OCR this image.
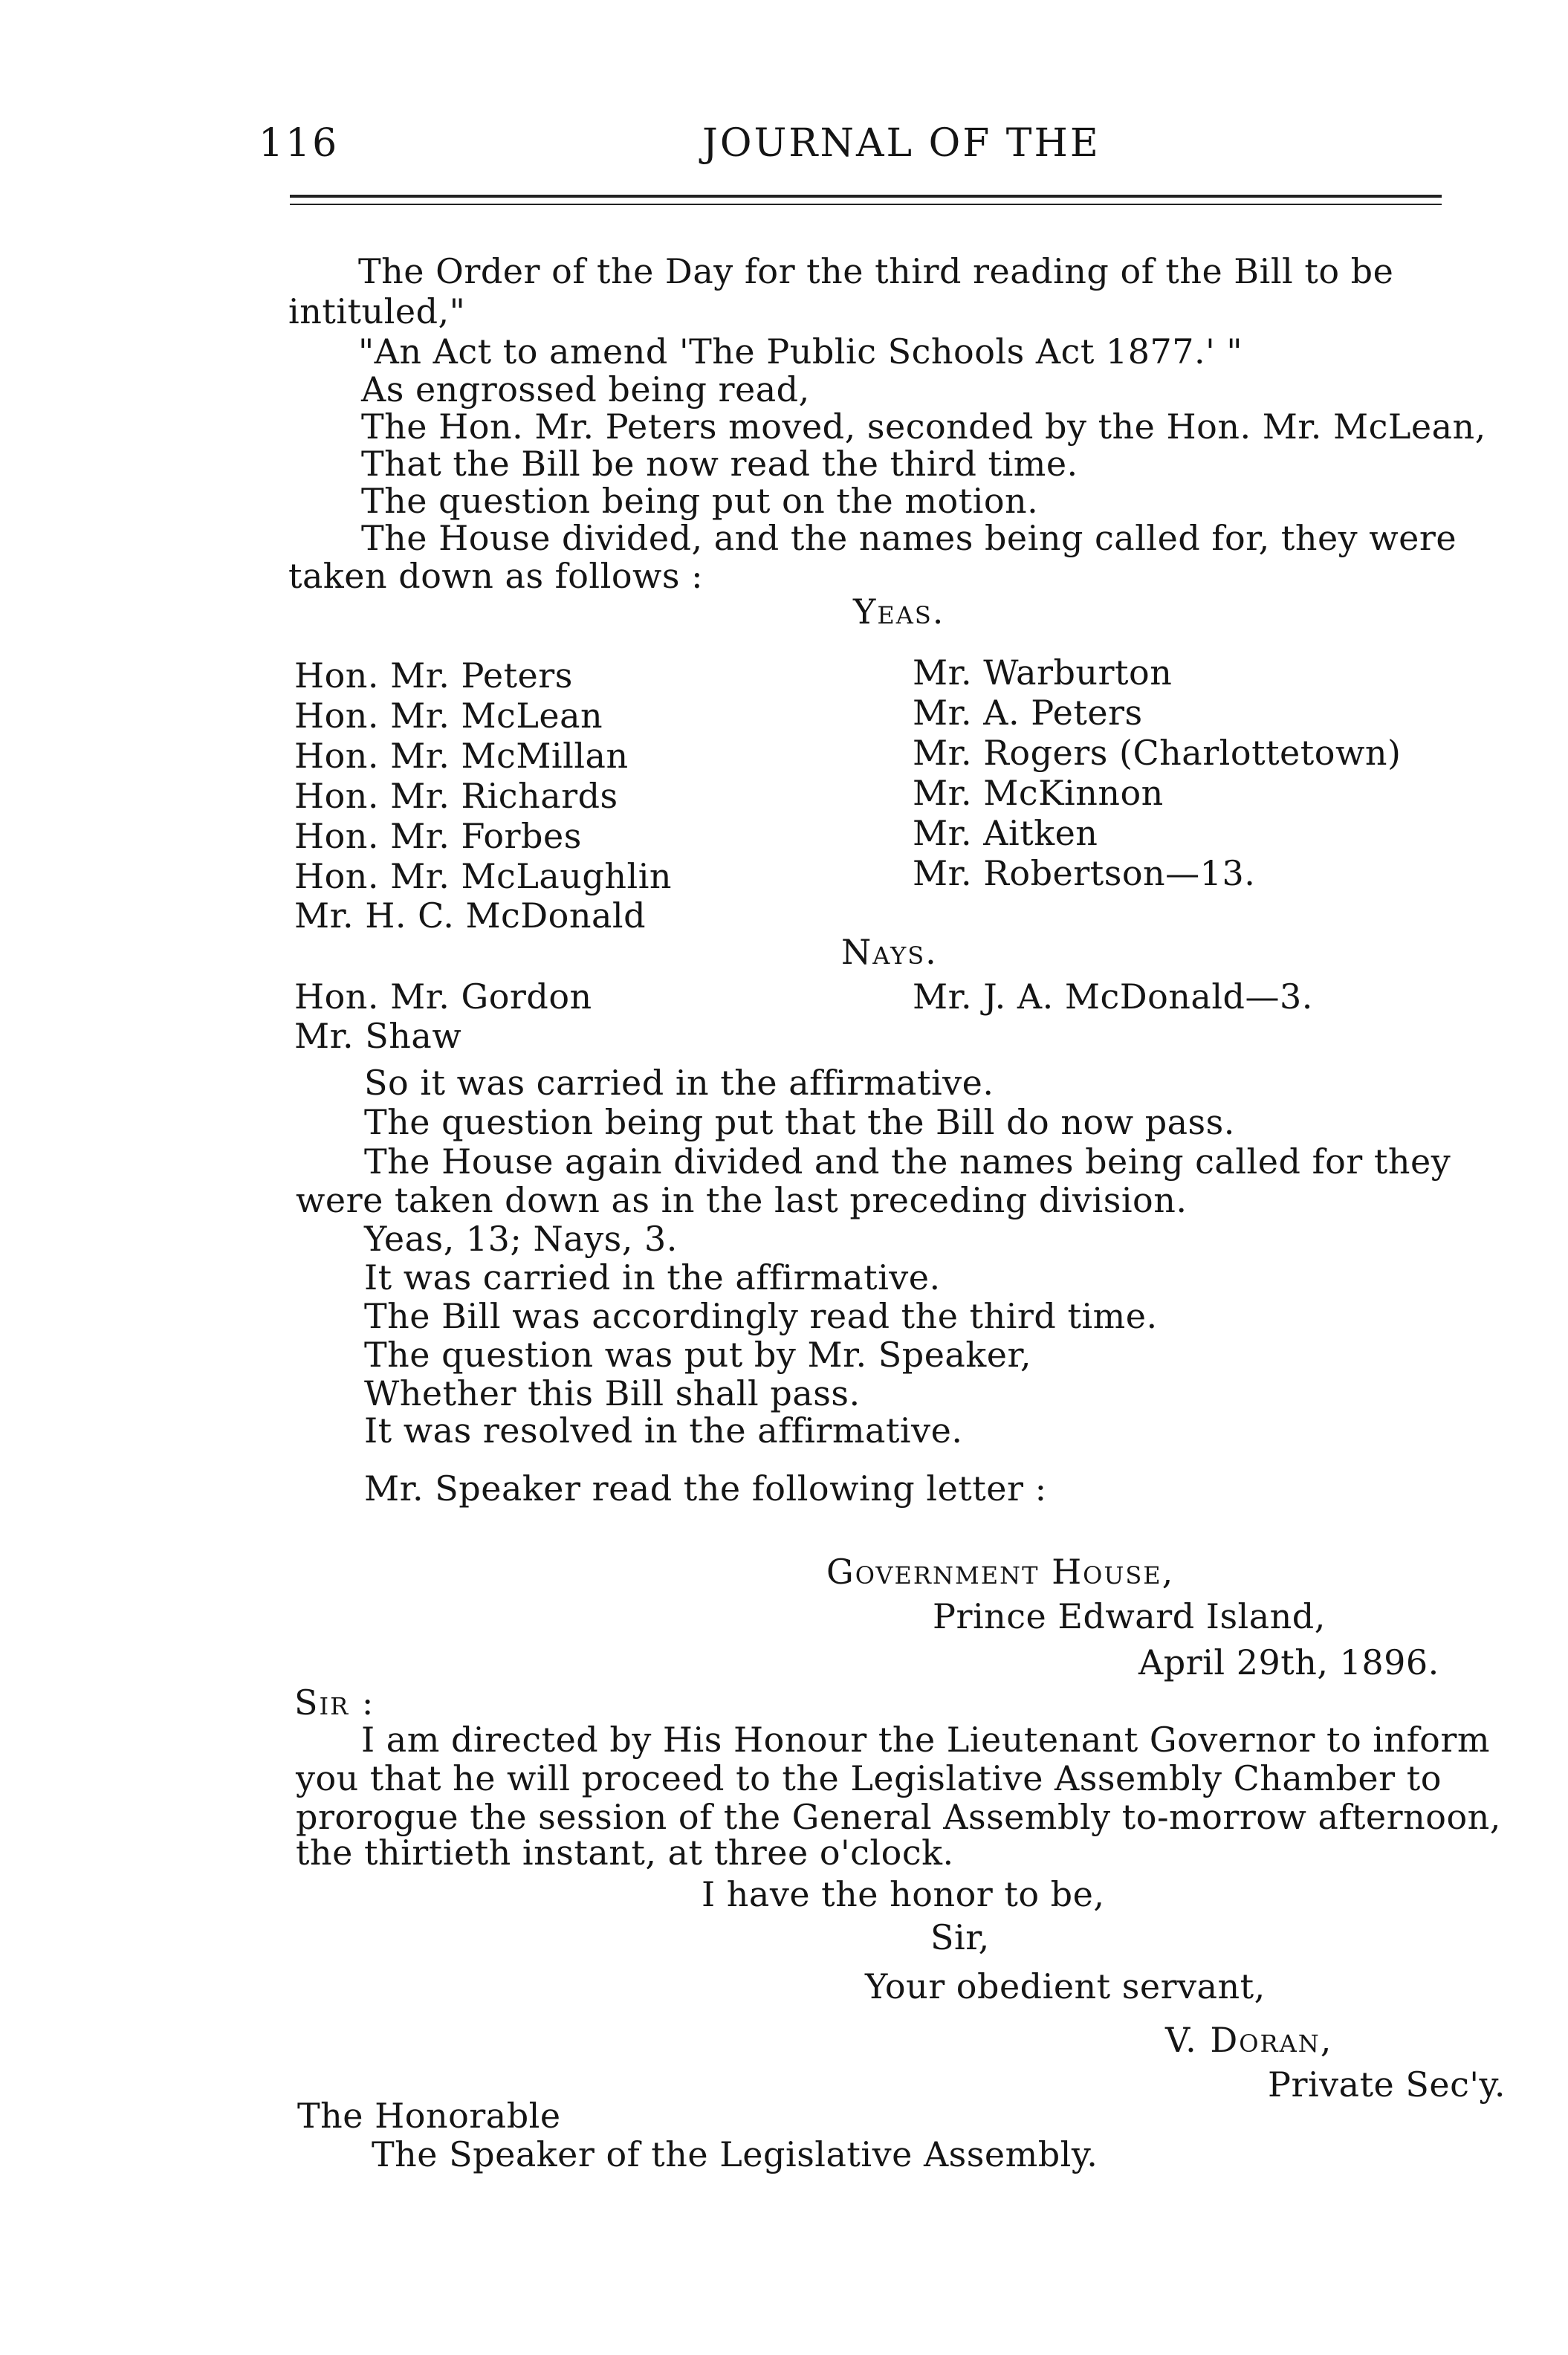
116	JOURNAL OF THE
The Order of the Day for the third reading of the Bill to be
intituled,"
"An Act to amend 'The Public Schools Act 1877.' "
As engrossed being read,
The Hon. Mr. Peters moved, seconded by the Hon. Mr. McLean,
That the Bill be now read the third time.
The question being put on the motion.
The House divided, and the names being called for, they were
taken down as follows :
Yeas.
Hon. Mr. Peters
Hon. Mr. McLean
Hon. Mr. McMillan
Hon. Mr. Richards
Hon. Mr. Forbes
Hon. Mr. McLaughlin
Mr. H. C. McDonald
Mr. Warburton
Mr. A. Peters
Mr. Rogers (Charlottetown)
Mr. McKinnon
Mr. Aitken
Mr. Robertson—13.
Nays.
Hon. Mr. Gordon
Mr. Shaw
Mr. J. A. McDonald—3.
So it was carried in the affirmative.
The question being put that the Bill do now pass.
The House again divided and the names being called for they
were taken down as in the last preceding division.
Yeas, 13; Nays, 3.
It was carried in the affirmative.
The Bill was accordingly read the third time.
The question was put by Mr. Speaker,
Whether this Bill shall pass.
It was resolved in the affirmative.
Mr. Speaker read the following letter :
Government House,
Prince Edward Island,
April 29th, 1896.
Sir :
I am directed by His Honour the Lieutenant Governor to inform
you that he will proceed to the Legislative Assembly Chamber to
prorogue the session of the General Assembly to-morrow afternoon,
the thirtieth instant, at three o'clock.
I have the honor to be,
Sir,
Your obedient servant,
V. Doran,
Private Sec'y.
The Honorable
The Speaker of the Legislative Assembly.
